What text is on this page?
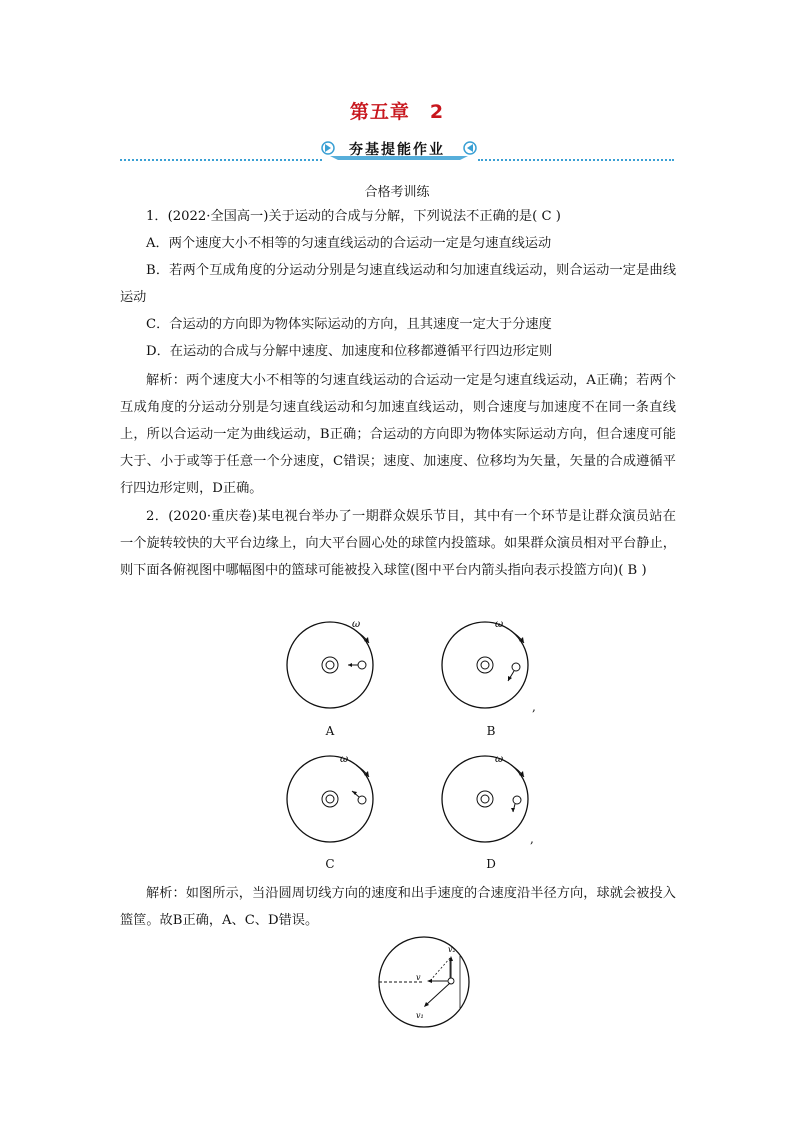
第五章　2
夯基提能作业
合格考训练

1．(2022·全国高一)关于运动的合成与分解，下列说法不正确的是( C )

A．两个速度大小不相等的匀速直线运动的合运动一定是匀速直线运动

B．若两个互成角度的分运动分别是匀速直线运动和匀加速直线运动，则合运动一定是曲线运动

C．合运动的方向即为物体实际运动的方向，且其速度一定大于分速度

D．在运动的合成与分解中速度、加速度和位移都遵循平行四边形定则

解析：两个速度大小不相等的匀速直线运动的合运动一定是匀速直线运动，A正确；若两个互成角度的分运动分别是匀速直线运动和匀加速直线运动，则合速度与加速度不在同一条直线上，所以合运动一定为曲线运动，B正确；合运动的方向即为物体实际运动方向，但合速度可能大于、小于或等于任意一个分速度，C错误；速度、加速度、位移均为矢量，矢量的合成遵循平行四边形定则，D正确。

2．(2020·重庆卷)某电视台举办了一期群众娱乐节目，其中有一个环节是让群众演员站在一个旋转较快的大平台边缘上，向大平台圆心处的球筐内投篮球。如果群众演员相对平台静止，则下面各俯视图中哪幅图中的篮球可能被投入球筐(图中平台内箭头指向表示投篮方向)( B )

ω
A
ω
B
,
ω
C
ω
D
,

解析：如图所示，当沿圆周切线方向的速度和出手速度的合速度沿半径方向，球就会被投入篮筐。故B正确，A、C、D错误。

v
v₁
v₂
